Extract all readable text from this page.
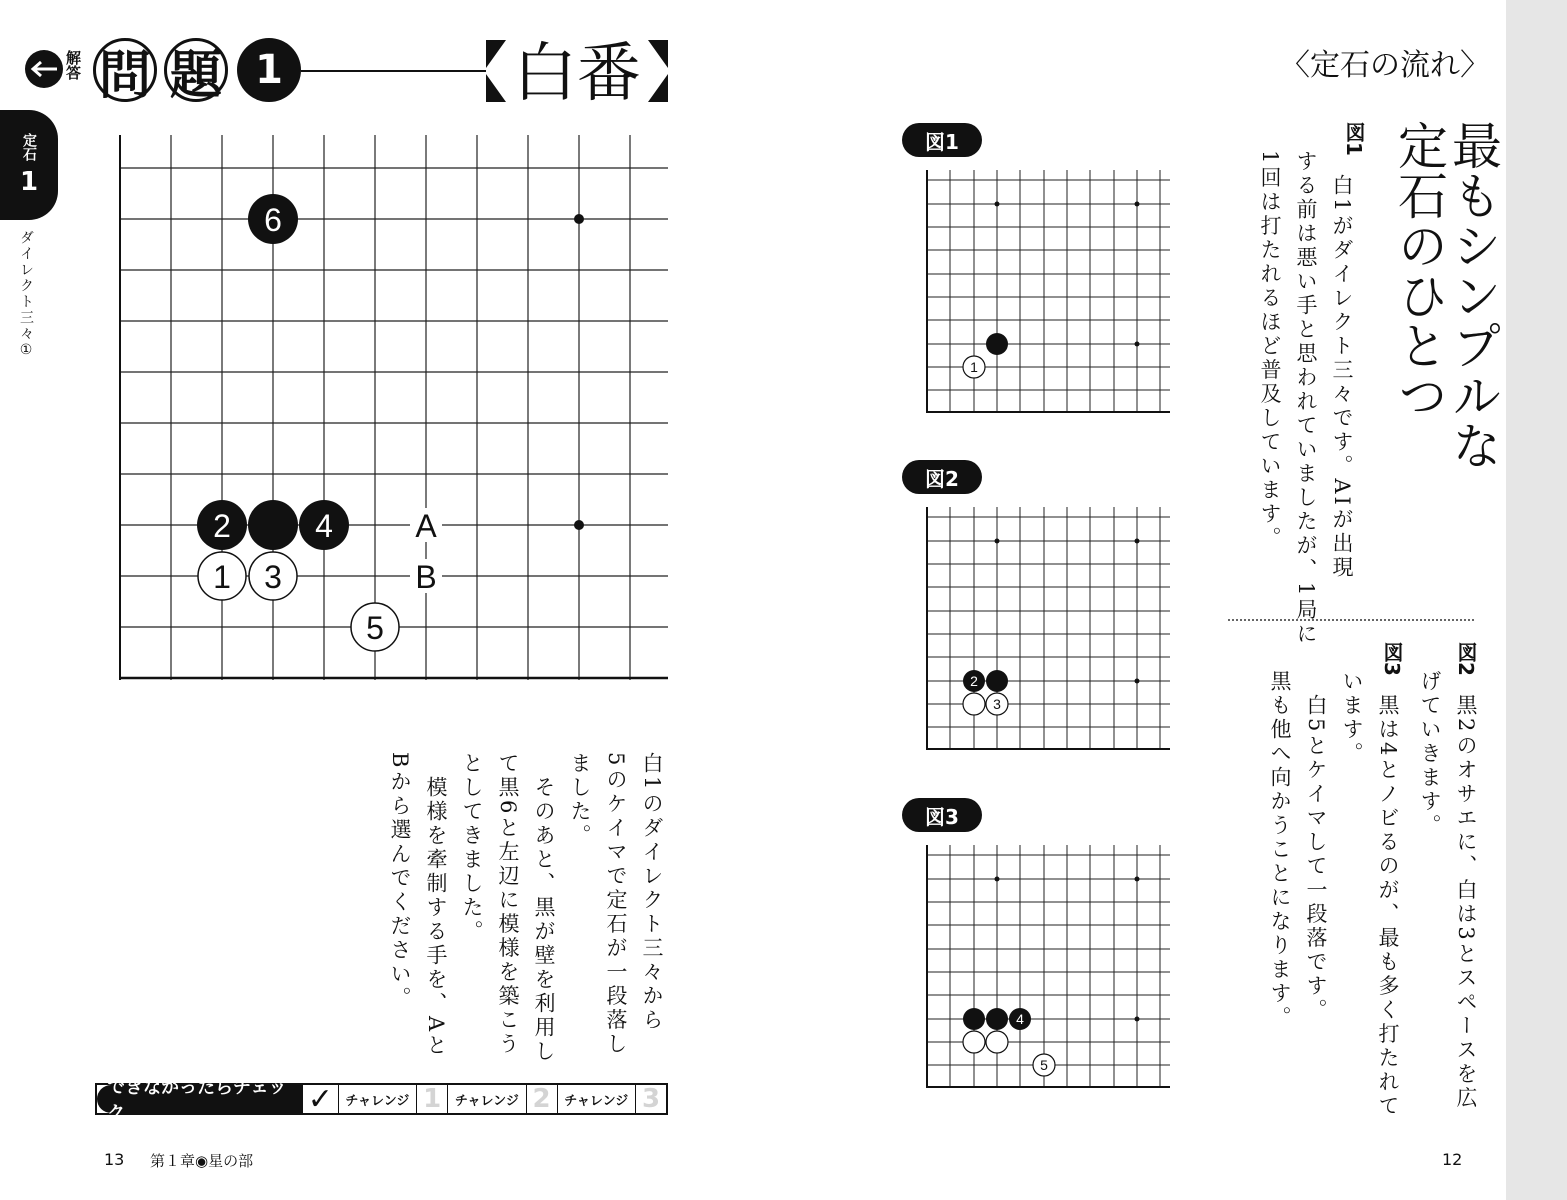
解答 問 題 1	白番
定石
1
ダイレクト三々①
6
2	4
1 3
5
A
B
白1のダイレクト三々から
5のケイマで定石が一段落し
ました。
　そのあと、黒が壁を利用し
て黒6と左辺に模様を築こう
としてきました。
　模様を牽制する手を、Aと
Bから選んでください。
できなかったらチェック	✓ チャレンジ 1	チャレンジ 2	チャレンジ 3
13 第１章◉星の部
〈定石の流れ〉
最もシンプルな
定石のひとつ
図1
図2
図3
1
2
3
4
5
図1
　白1がダイレクト三々です。AIが出現
する前は悪い手と思われていましたが、1局に
1回は打たれるほど普及しています。
図2
　黒2のオサエに、白は3とスペースを広
げていきます。
図3
　黒は4とノビるのが、最も多く打たれて
います。
　白5とケイマして一段落です。
黒も他へ向かうことになります。
12
